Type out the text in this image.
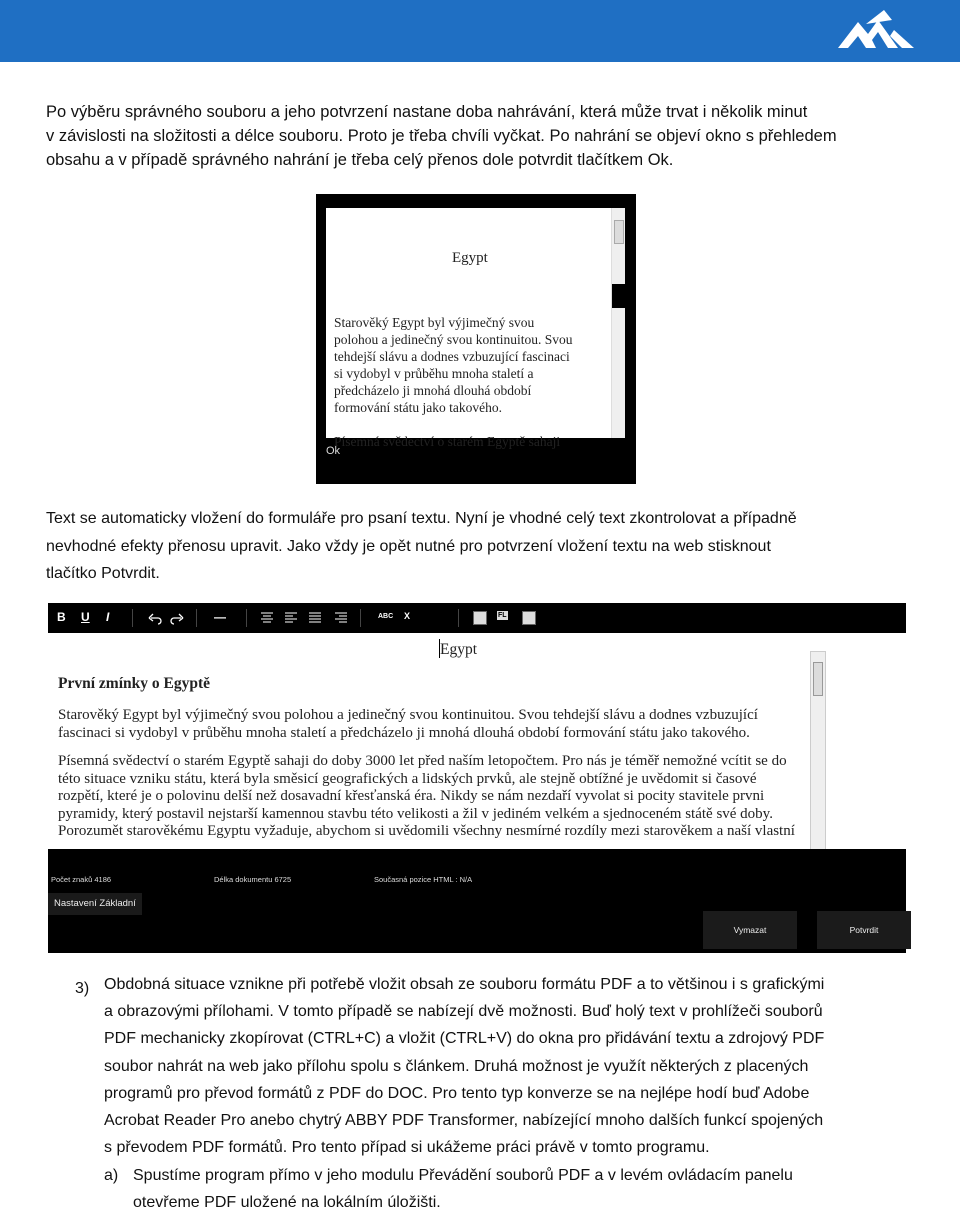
Po výběru správného souboru a jeho potvrzení nastane doba nahrávání, která může trvat i několik minut
v závislosti na složitosti a délce souboru. Proto je třeba chvíli vyčkat. Po nahrání se objeví okno s přehledem
obsahu a v případě správného nahrání je třeba celý přenos dole potvrdit tlačítkem Ok.
Egypt
Starověký Egypt byl výjimečný svou
polohou a jedinečný svou kontinuitou. Svou
tehdejší slávu a dodnes vzbuzující fascinaci
si vydobyl v průběhu mnoha staletí a
předcházelo ji mnohá dlouhá období
formování státu jako takového.

Písemná svědectví o starém Egyptě sahaji
Ok
Text se automaticky vložení do formuláře pro psaní textu. Nyní je vhodné celý text zkontrolovat a případně
nevhodné efekty přenosu upravit. Jako vždy je opět nutné pro potvrzení vložení textu na web stisknout
tlačítko Potvrdit.
B U I	—	ABC X	FL
Egypt
První zmínky o Egyptě
Starověký Egypt byl výjimečný svou polohou a jedinečný svou kontinuitou. Svou tehdejší slávu a dodnes vzbuzující
fascinaci si vydobyl v průběhu mnoha staletí a předcházelo ji mnohá dlouhá období formování státu jako takového.
Písemná svědectví o starém Egyptě sahaji do doby 3000 let před naším letopočtem. Pro nás je téměř nemožné vcítit se do
této situace vzniku státu, která byla směsicí geografických a lidských prvků, ale stejně obtížné je uvědomit si časové
rozpětí, které je o polovinu delší než dosavadní křesťanská éra. Nikdy se nám nezdaří vyvolat si pocity stavitele prvni
pyramidy, který postavil nejstarší kamennou stavbu této velikosti a žil v jediném velkém a sjednoceném státě své doby.
Porozumět starověkému Egyptu vyžaduje, abychom si uvědomili všechny nesmírné rozdíly mezi starověkem a naší vlastní
Počet znaků 4186	Délka dokumentu 6725	Současná pozice HTML : N/A
Nastavení Základní
Vymazat	Potvrdit
3) Obdobná situace vznikne při potřebě vložit obsah ze souboru formátu PDF a to většinou i s grafickými
a obrazovými přílohami. V tomto případě se nabízejí dvě možnosti. Buď holý text v prohlížeči souborů
PDF mechanicky zkopírovat (CTRL+C) a vložit (CTRL+V) do okna pro přidávání textu a zdrojový PDF
soubor nahrát na web jako přílohu spolu s článkem. Druhá možnost je využít některých z placených
programů pro převod formátů z PDF do DOC. Pro tento typ konverze se na nejlépe hodí buď Adobe
Acrobat Reader Pro anebo chytrý ABBY PDF Transformer, nabízející mnoho dalších funkcí spojených
s převodem PDF formátů. Pro tento případ si ukážeme práci právě v tomto programu.
a) Spustíme program přímo v jeho modulu Převádění souborů PDF a v levém ovládacím panelu
otevřeme PDF uložené na lokálním úložišti.
